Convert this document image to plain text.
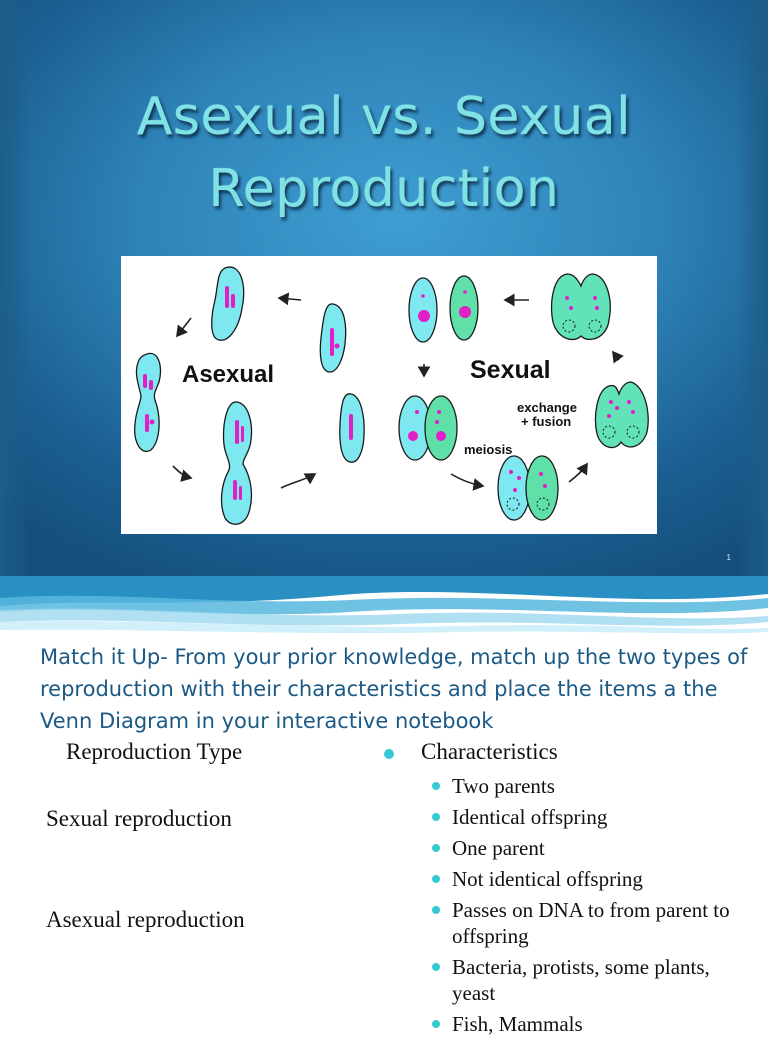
Asexual vs. Sexual
Reproduction
Asexual	Sexual
exchange
+ fusion
meiosis
1
Match it Up- From your prior knowledge, match up the two types of reproduction with their characteristics and place the items a the Venn Diagram in your interactive notebook
Reproduction Type
Sexual reproduction
Asexual reproduction
Characteristics
Two parents
Identical offspring
One parent
Not identical offspring
Passes on DNA to from parent to offspring
Bacteria, protists, some plants, yeast
Fish, Mammals
